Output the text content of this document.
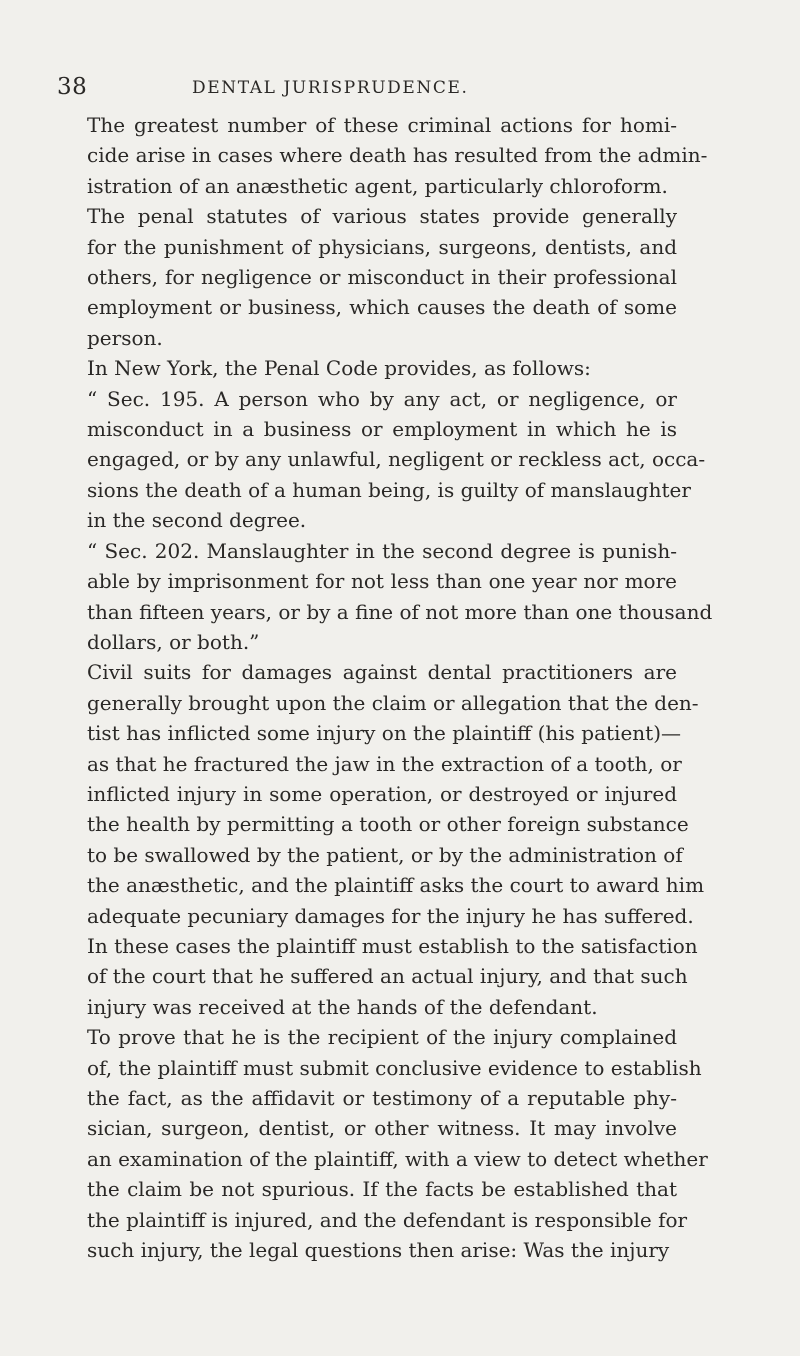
38	DENTAL JURISPRUDENCE.

The greatest number of these criminal actions for homi-
cide arise in cases where death has resulted from the admin-
istration of an anæsthetic agent, particularly chloroform.

The penal statutes of various states provide generally
for the punishment of physicians, surgeons, dentists, and
others, for negligence or misconduct in their professional
employment or business, which causes the death of some
person.

In New York, the Penal Code provides, as follows:

“ Sec. 195. A person who by any act, or negligence, or
misconduct in a business or employment in which he is
engaged, or by any unlawful, negligent or reckless act, occa-
sions the death of a human being, is guilty of manslaughter
in the second degree.

“ Sec. 202. Manslaughter in the second degree is punish-
able by imprisonment for not less than one year nor more
than fifteen years, or by a fine of not more than one thousand
dollars, or both.”

Civil suits for damages against dental practitioners are
generally brought upon the claim or allegation that the den-
tist has inflicted some injury on the plaintiff (his patient)—
as that he fractured the jaw in the extraction of a tooth, or
inflicted injury in some operation, or destroyed or injured
the health by permitting a tooth or other foreign substance
to be swallowed by the patient, or by the administration of
the anæsthetic, and the plaintiff asks the court to award him
adequate pecuniary damages for the injury he has suffered.
In these cases the plaintiff must establish to the satisfaction
of the court that he suffered an actual injury, and that such
injury was received at the hands of the defendant.

To prove that he is the recipient of the injury complained
of, the plaintiff must submit conclusive evidence to establish
the fact, as the affidavit or testimony of a reputable phy-
sician, surgeon, dentist, or other witness. It may involve
an examination of the plaintiff, with a view to detect whether
the claim be not spurious. If the facts be established that
the plaintiff is injured, and the defendant is responsible for
such injury, the legal questions then arise: Was the injury
